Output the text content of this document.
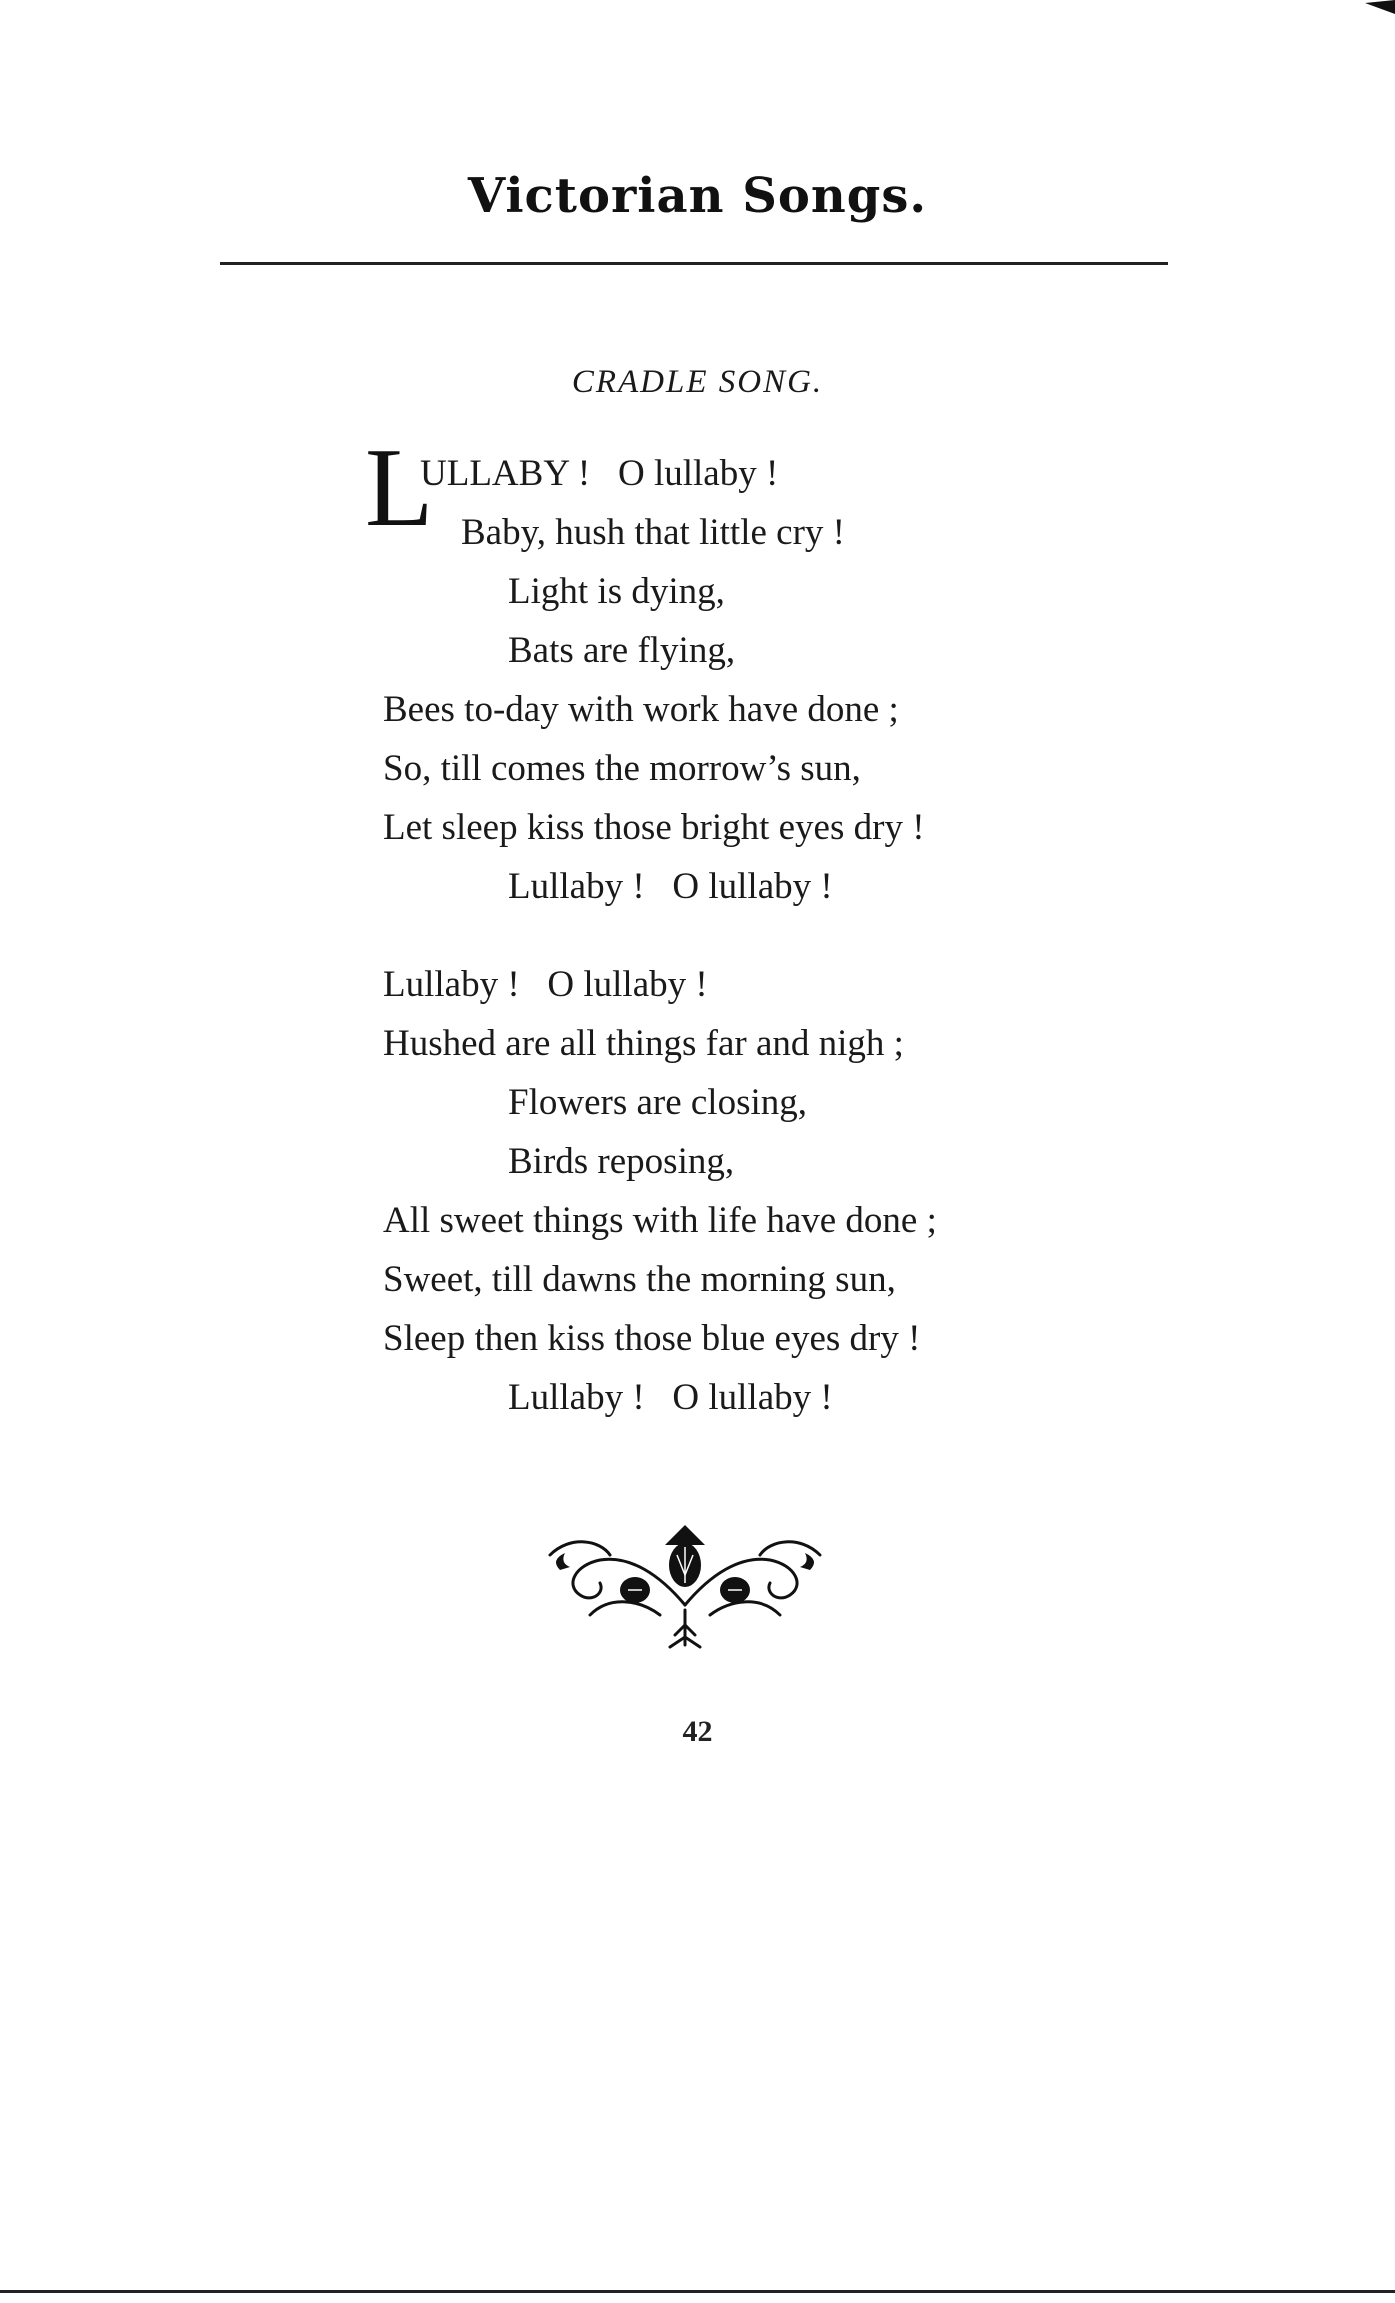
Victorian Songs.
CRADLE SONG.
L
ULLABY !   O lullaby !
Baby, hush that little cry !
Light is dying,
Bats are flying,
Bees to-day with work have done ;
So, till comes the morrow’s sun,
Let sleep kiss those bright eyes dry !
Lullaby !   O lullaby !
Lullaby !   O lullaby !
Hushed are all things far and nigh ;
Flowers are closing,
Birds reposing,
All sweet things with life have done ;
Sweet, till dawns the morning sun,
Sleep then kiss those blue eyes dry !
Lullaby !   O lullaby !
42
